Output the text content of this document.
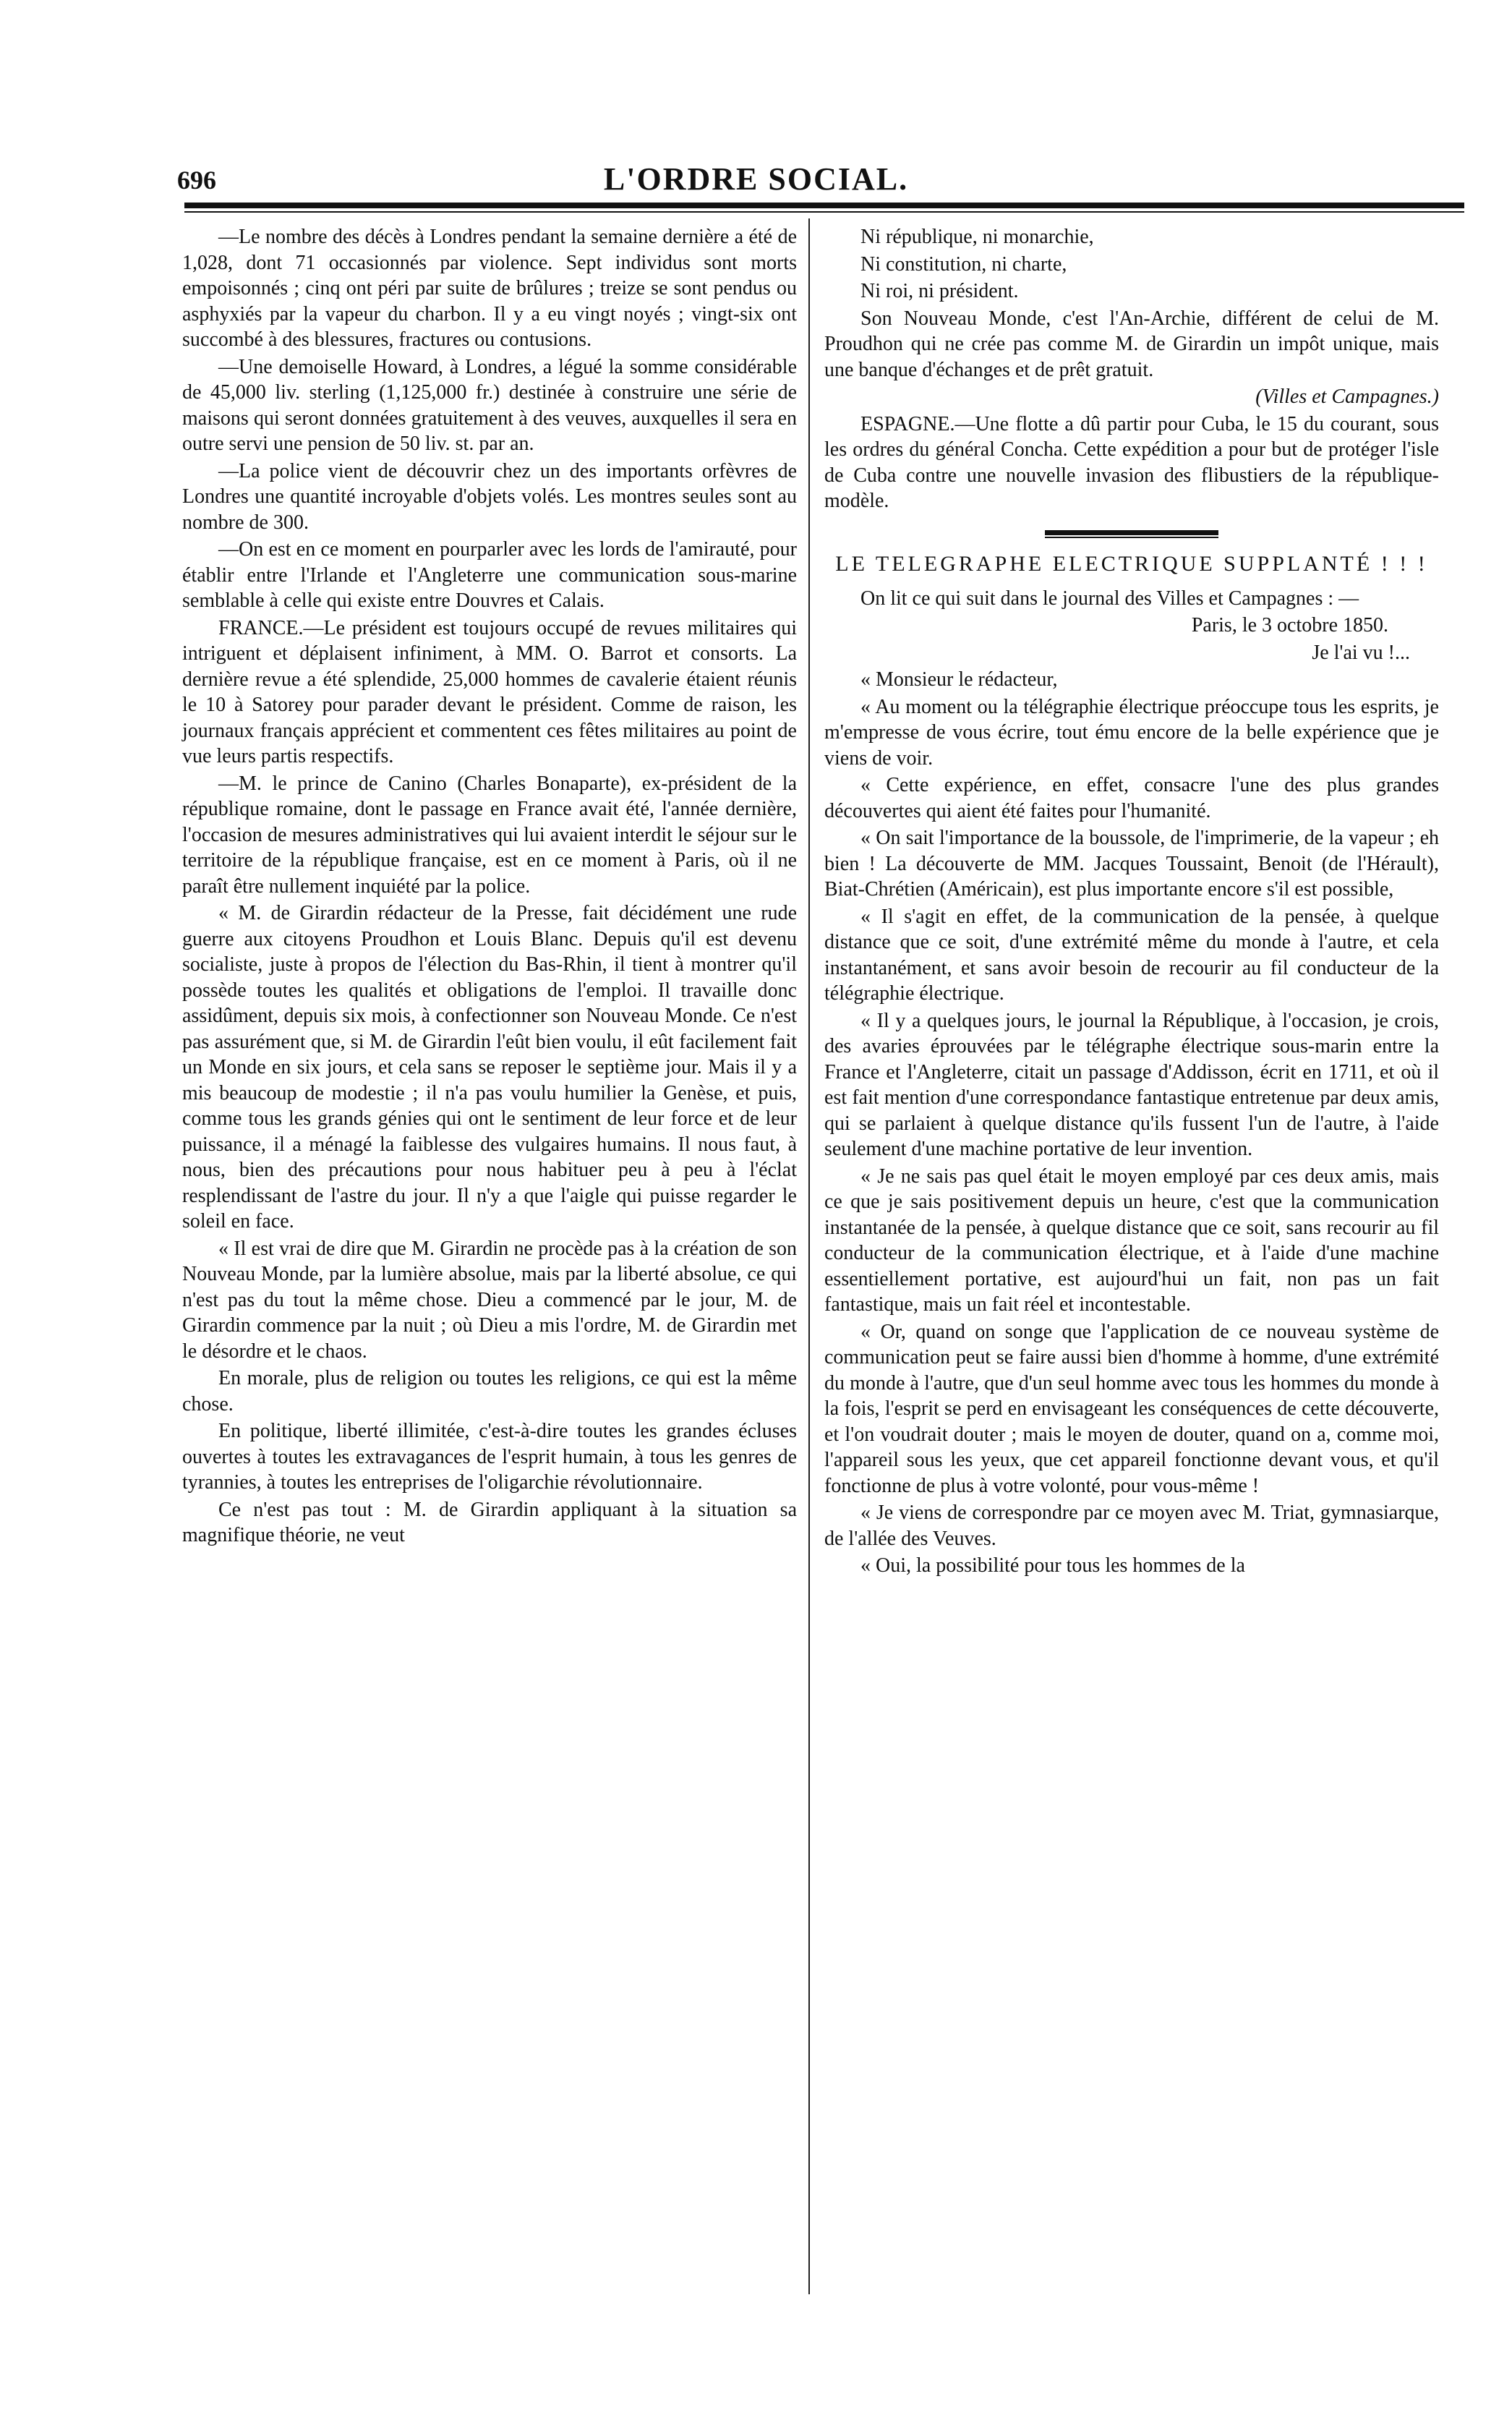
696	L'ORDRE SOCIAL.

—Le nombre des décès à Londres pendant la semaine dernière a été de 1,028, dont 71 occasionnés par violence. Sept individus sont morts empoisonnés ; cinq ont péri par suite de brûlures ; treize se sont pendus ou asphyxiés par la vapeur du charbon. Il y a eu vingt noyés ; vingt-six ont succombé à des blessures, fractures ou contusions.

—Une demoiselle Howard, à Londres, a légué la somme considérable de 45,000 liv. sterling (1,125,000 fr.) destinée à construire une série de maisons qui seront données gratuitement à des veuves, auxquelles il sera en outre servi une pension de 50 liv. st. par an.

—La police vient de découvrir chez un des importants orfèvres de Londres une quantité incroyable d'objets volés. Les montres seules sont au nombre de 300.

—On est en ce moment en pourparler avec les lords de l'amirauté, pour établir entre l'Irlande et l'Angleterre une communication sous-marine semblable à celle qui existe entre Douvres et Calais.

FRANCE.—Le président est toujours occupé de revues militaires qui intriguent et déplaisent infiniment, à MM. O. Barrot et consorts. La dernière revue a été splendide, 25,000 hommes de cavalerie étaient réunis le 10 à Satorey pour parader devant le président. Comme de raison, les journaux français apprécient et commentent ces fêtes militaires au point de vue leurs partis respectifs.

—M. le prince de Canino (Charles Bonaparte), ex-président de la république romaine, dont le passage en France avait été, l'année dernière, l'occasion de mesures administratives qui lui avaient interdit le séjour sur le territoire de la république française, est en ce moment à Paris, où il ne paraît être nullement inquiété par la police.

« M. de Girardin rédacteur de la Presse, fait décidément une rude guerre aux citoyens Proudhon et Louis Blanc. Depuis qu'il est devenu socialiste, juste à propos de l'élection du Bas-Rhin, il tient à montrer qu'il possède toutes les qualités et obligations de l'emploi. Il travaille donc assidûment, depuis six mois, à confectionner son Nouveau Monde. Ce n'est pas assurément que, si M. de Girardin l'eût bien voulu, il eût facilement fait un Monde en six jours, et cela sans se reposer le septième jour. Mais il y a mis beaucoup de modestie ; il n'a pas voulu humilier la Genèse, et puis, comme tous les grands génies qui ont le sentiment de leur force et de leur puissance, il a ménagé la faiblesse des vulgaires humains. Il nous faut, à nous, bien des précautions pour nous habituer peu à peu à l'éclat resplendissant de l'astre du jour. Il n'y a que l'aigle qui puisse regarder le soleil en face.

« Il est vrai de dire que M. Girardin ne procède pas à la création de son Nouveau Monde, par la lumière absolue, mais par la liberté absolue, ce qui n'est pas du tout la même chose. Dieu a commencé par le jour, M. de Girardin commence par la nuit ; où Dieu a mis l'ordre, M. de Girardin met le désordre et le chaos.

En morale, plus de religion ou toutes les religions, ce qui est la même chose.

En politique, liberté illimitée, c'est-à-dire toutes les grandes écluses ouvertes à toutes les extravagances de l'esprit humain, à tous les genres de tyrannies, à toutes les entreprises de l'oligarchie révolutionnaire.

Ce n'est pas tout : M. de Girardin appliquant à la situation sa magnifique théorie, ne veut

Ni république, ni monarchie,

Ni constitution, ni charte,

Ni roi, ni président.

Son Nouveau Monde, c'est l'An-Archie, différent de celui de M. Proudhon qui ne crée pas comme M. de Girardin un impôt unique, mais une banque d'échanges et de prêt gratuit.

(Villes et Campagnes.)

ESPAGNE.—Une flotte a dû partir pour Cuba, le 15 du courant, sous les ordres du général Concha. Cette expédition a pour but de protéger l'isle de Cuba contre une nouvelle invasion des flibustiers de la république-modèle.

LE TELEGRAPHE ELECTRIQUE SUPPLANTÉ ! ! !

On lit ce qui suit dans le journal des Villes et Campagnes : —

Paris, le 3 octobre 1850.

Je l'ai vu !...

« Monsieur le rédacteur,

« Au moment ou la télégraphie électrique préoccupe tous les esprits, je m'empresse de vous écrire, tout ému encore de la belle expérience que je viens de voir.

« Cette expérience, en effet, consacre l'une des plus grandes découvertes qui aient été faites pour l'humanité.

« On sait l'importance de la boussole, de l'imprimerie, de la vapeur ; eh bien ! La découverte de MM. Jacques Toussaint, Benoit (de l'Hérault), Biat-Chrétien (Américain), est plus importante encore s'il est possible,

« Il s'agit en effet, de la communication de la pensée, à quelque distance que ce soit, d'une extrémité même du monde à l'autre, et cela instantanément, et sans avoir besoin de recourir au fil conducteur de la télégraphie électrique.

« Il y a quelques jours, le journal la République, à l'occasion, je crois, des avaries éprouvées par le télégraphe électrique sous-marin entre la France et l'Angleterre, citait un passage d'Addisson, écrit en 1711, et où il est fait mention d'une correspondance fantastique entretenue par deux amis, qui se parlaient à quelque distance qu'ils fussent l'un de l'autre, à l'aide seulement d'une machine portative de leur invention.

« Je ne sais pas quel était le moyen employé par ces deux amis, mais ce que je sais positivement depuis un heure, c'est que la communication instantanée de la pensée, à quelque distance que ce soit, sans recourir au fil conducteur de la communication électrique, et à l'aide d'une machine essentiellement portative, est aujourd'hui un fait, non pas un fait fantastique, mais un fait réel et incontestable.

« Or, quand on songe que l'application de ce nouveau système de communication peut se faire aussi bien d'homme à homme, d'une extrémité du monde à l'autre, que d'un seul homme avec tous les hommes du monde à la fois, l'esprit se perd en envisageant les conséquences de cette découverte, et l'on voudrait douter ; mais le moyen de douter, quand on a, comme moi, l'appareil sous les yeux, que cet appareil fonctionne devant vous, et qu'il fonctionne de plus à votre volonté, pour vous-même !

« Je viens de correspondre par ce moyen avec M. Triat, gymnasiarque, de l'allée des Veuves.

« Oui, la possibilité pour tous les hommes de la
